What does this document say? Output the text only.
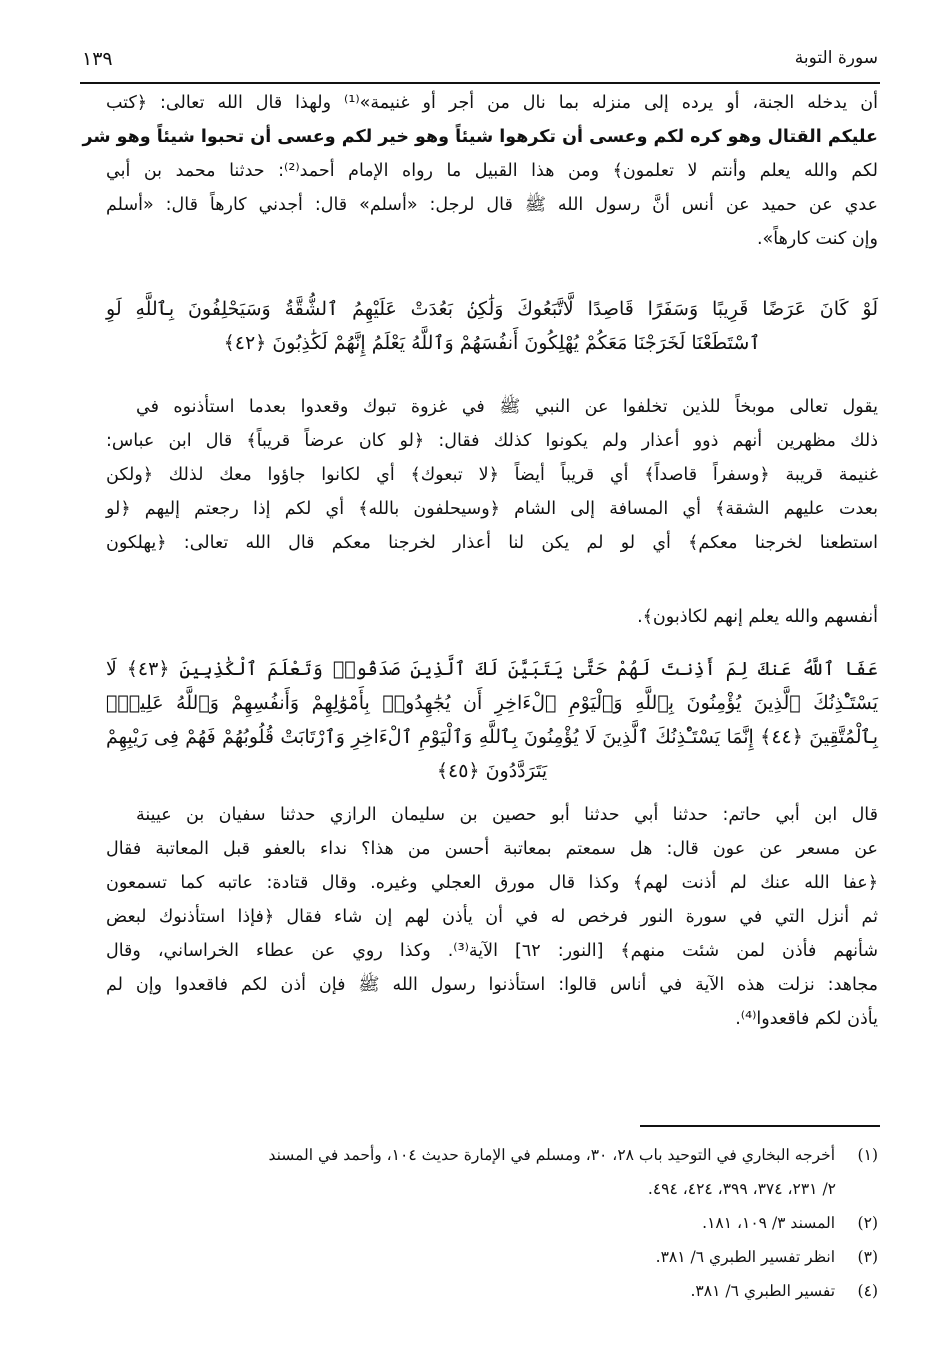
سورة التوبة
١٣٩
أن يدخله الجنة، أو يرده إلى منزله بما نال من أجر أو غنيمة»⁽¹⁾ ولهذا قال الله تعالى: ﴿كتب
عليكم القتال وهو كره لكم وعسى أن تكرهوا شيئاً وهو خير لكم وعسى أن تحبوا شيئاً وهو شر
لكم والله يعلم وأنتم لا تعلمون﴾ ومن هذا القبيل ما رواه الإمام أحمد⁽²⁾: حدثنا محمد بن أبي
عدي عن حميد عن أنس أنَّ رسول الله ﷺ قال لرجل: «أسلم» قال: أجدني كارهاً قال: «أسلم
وإن كنت كارهاً».
لَوْ كَانَ عَرَضًا قَرِيبًا وَسَفَرًا قَاصِدًا لَّاتَّبَعُوكَ وَلَٰكِنۢ بَعُدَتْ عَلَيْهِمُ ٱلشُّقَّةُ وَسَيَحْلِفُونَ بِٱللَّهِ لَوِ
ٱسْتَطَعْنَا لَخَرَجْنَا مَعَكُمْ يُهْلِكُونَ أَنفُسَهُمْ وَٱللَّهُ يَعْلَمُ إِنَّهُمْ لَكَٰذِبُونَ ﴿٤٢﴾
يقول تعالى موبخاً للذين تخلفوا عن النبي ﷺ في غزوة تبوك وقعدوا بعدما استأذنوه في
ذلك مظهرين أنهم ذوو أعذار ولم يكونوا كذلك فقال: ﴿لو كان عرضاً قريباً﴾ قال ابن عباس:
غنيمة قريبة ﴿وسفراً قاصداً﴾ أي قريباً أيضاً ﴿لا تبعوك﴾ أي لكانوا جاؤوا معك لذلك ﴿ولكن
بعدت عليهم الشقة﴾ أي المسافة إلى الشام ﴿وسيحلفون بالله﴾ أي لكم إذا رجعتم إليهم ﴿لو
استطعنا لخرجنا معكم﴾ أي لو لم يكن لنا أعذار لخرجنا معكم قال الله تعالى: ﴿يهلكون
أنفسهم والله يعلم إنهم لكاذبون﴾.
عَفَا ٱللَّهُ عَنكَ لِمَ أَذِنتَ لَهُمْ حَتَّىٰ يَتَبَيَّنَ لَكَ ٱلَّذِينَ صَدَقُوا۟ وَتَعْلَمَ ٱلْكَٰذِبِينَ ﴿٤٣﴾ لَا
يَسْتَـْٔذِنُكَ ٱلَّذِينَ يُؤْمِنُونَ بِٱللَّهِ وَٱلْيَوْمِ ٱلْءَاخِرِ أَن يُجَٰهِدُوا۟ بِأَمْوَٰلِهِمْ وَأَنفُسِهِمْ وَٱللَّهُ عَلِيمٌۢ
بِٱلْمُتَّقِينَ ﴿٤٤﴾ إِنَّمَا يَسْتَـْٔذِنُكَ ٱلَّذِينَ لَا يُؤْمِنُونَ بِٱللَّهِ وَٱلْيَوْمِ ٱلْءَاخِرِ وَٱرْتَابَتْ قُلُوبُهُمْ فَهُمْ فِى رَيْبِهِمْ
يَتَرَدَّدُونَ ﴿٤٥﴾
قال ابن أبي حاتم: حدثنا أبي حدثنا أبو حصين بن سليمان الرازي حدثنا سفيان بن عيينة
عن مسعر عن عون قال: هل سمعتم بمعاتبة أحسن من هذا؟ نداء بالعفو قبل المعاتبة فقال
﴿عفا الله عنك لم أذنت لهم﴾ وكذا قال مورق العجلي وغيره. وقال قتادة: عاتبه كما تسمعون
ثم أنزل التي في سورة النور فرخص له في أن يأذن لهم إن شاء فقال ﴿فإذا استأذنوك لبعض
شأنهم فأذن لمن شئت منهم﴾ [النور: ٦٢] الآية⁽³⁾. وكذا روي عن عطاء الخراساني، وقال
مجاهد: نزلت هذه الآية في أناس قالوا: استأذنوا رسول الله ﷺ فإن أذن لكم فاقعدوا وإن لم
يأذن لكم فاقعدوا⁽⁴⁾.
(١) أخرجه البخاري في التوحيد باب ٢٨، ٣٠، ومسلم في الإمارة حديث ١٠٤، وأحمد في المسند
٢/ ٢٣١، ٣٧٤، ٣٩٩، ٤٢٤، ٤٩٤.
(٢) المسند ٣/ ١٠٩، ١٨١.
(٣) انظر تفسير الطبري ٦/ ٣٨١.
(٤) تفسير الطبري ٦/ ٣٨١.
